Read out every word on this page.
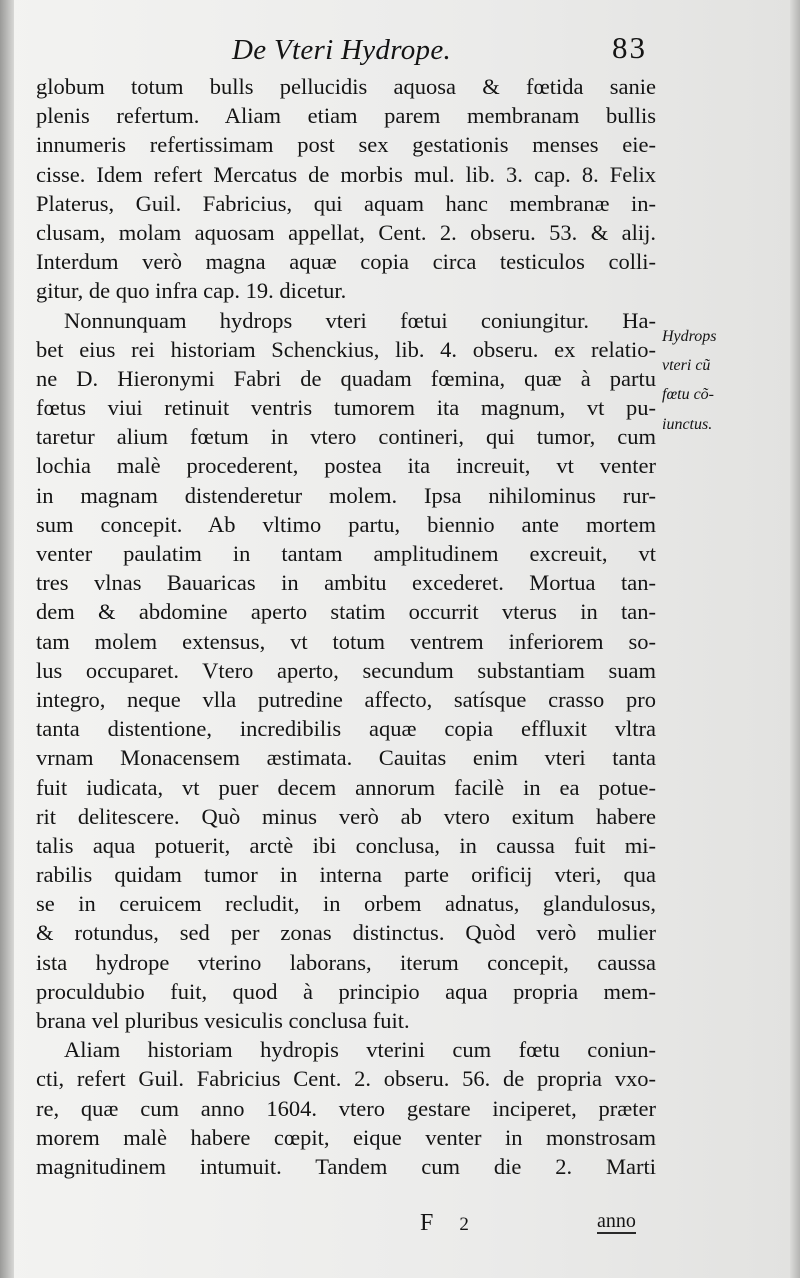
De Vteri Hydrope.	83
globum totum bulls pellucidis aquosa & fœtida sanie
plenis refertum. Aliam etiam parem membranam bullis
innumeris refertissimam post sex gestationis menses eie-
cisse. Idem refert Mercatus de morbis mul. lib. 3. cap. 8. Felix
Platerus, Guil. Fabricius, qui aquam hanc membranæ in-
clusam, molam aquosam appellat, Cent. 2. obseru. 53. & alij.
Interdum verò magna aquæ copia circa testiculos colli-
gitur, de quo infra cap. 19. dicetur.
Nonnunquam hydrops vteri fœtui coniungitur. Ha-
bet eius rei historiam Schenckius, lib. 4. obseru. ex relatio-
ne D. Hieronymi Fabri de quadam fœmina, quæ à partu
fœtus viui retinuit ventris tumorem ita magnum, vt pu-
taretur alium fœtum in vtero contineri, qui tumor, cum
lochia malè procederent, postea ita increuit, vt venter
in magnam distenderetur molem. Ipsa nihilominus rur-
sum concepit. Ab vltimo partu, biennio ante mortem
venter paulatim in tantam amplitudinem excreuit, vt
tres vlnas Bauaricas in ambitu excederet. Mortua tan-
dem & abdomine aperto statim occurrit vterus in tan-
tam molem extensus, vt totum ventrem inferiorem so-
lus occuparet. Vtero aperto, secundum substantiam suam
integro, neque vlla putredine affecto, satísque crasso pro
tanta distentione, incredibilis aquæ copia effluxit vltra
vrnam Monacensem æstimata. Cauitas enim vteri tanta
fuit iudicata, vt puer decem annorum facilè in ea potue-
rit delitescere. Quò minus verò ab vtero exitum habere
talis aqua potuerit, arctè ibi conclusa, in caussa fuit mi-
rabilis quidam tumor in interna parte orificij vteri, qua
se in ceruicem recludit, in orbem adnatus, glandulosus,
& rotundus, sed per zonas distinctus. Quòd verò mulier
ista hydrope vterino laborans, iterum concepit, caussa
proculdubio fuit, quod à principio aqua propria mem-
brana vel pluribus vesiculis conclusa fuit.
Aliam historiam hydropis vterini cum fœtu coniun-
cti, refert Guil. Fabricius Cent. 2. obseru. 56. de propria vxo-
re, quæ cum anno 1604. vtero gestare inciperet, præter
morem malè habere cœpit, eique venter in monstrosam
magnitudinem intumuit. Tandem cum die 2. Marti
Hydrops
vteri cũ
fœtu cõ-
iunctus.
F 2	anno
